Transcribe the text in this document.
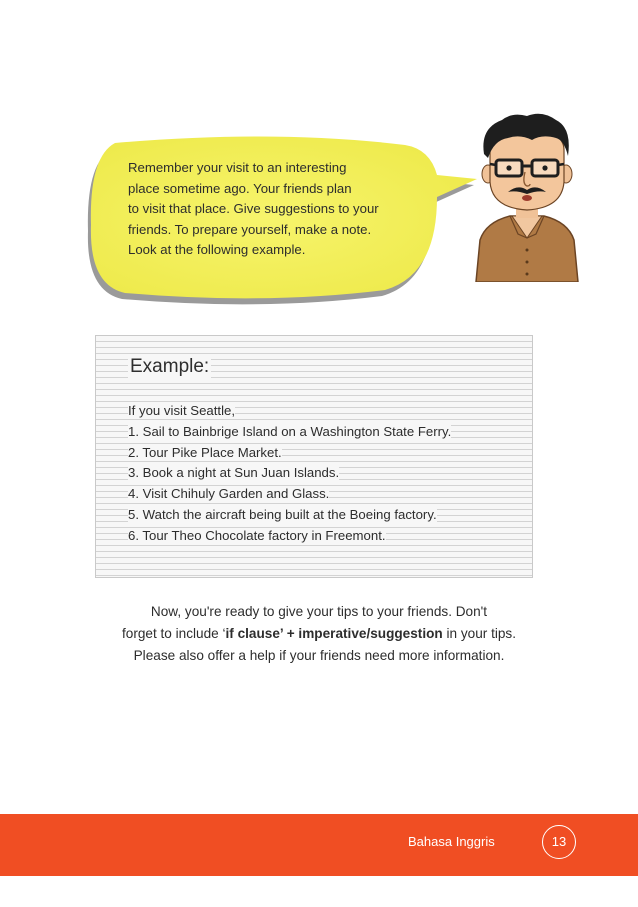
Remember your visit to an interesting
place sometime ago. Your friends plan
to visit that place. Give suggestions to your
friends. To prepare yourself, make a note.
Look at the following example.
Example:
If you visit Seattle,
1. Sail to Bainbrige Island on a Washington State Ferry.
2. Tour Pike Place Market.
3. Book a night at Sun Juan Islands.
4. Visit Chihuly Garden and Glass.
5. Watch the aircraft being built at the Boeing factory.
6. Tour Theo Chocolate factory in Freemont.
Now, you're ready to give your tips to your friends. Don't
forget to include ‘if clause’ + imperative/suggestion in your tips.
Please also offer a help if your friends need more information.
Bahasa Inggris	13
